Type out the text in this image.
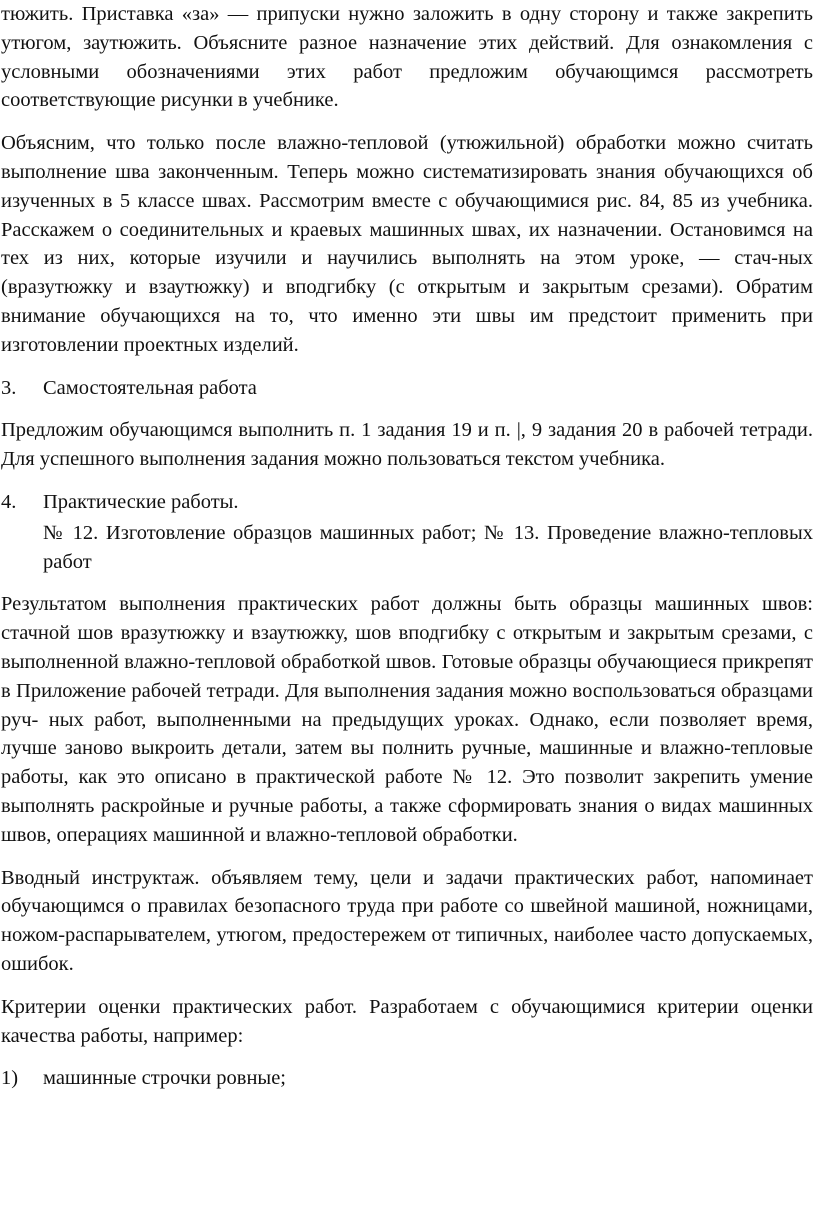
тюжить. Приставка «за» — припуски нужно заложить в одну сторону и также закрепить утюгом, заутюжить. Объясните разное назначение этих действий. Для ознакомления с условными обозначениями этих работ предложим обучающимся рассмотреть соответствующие рисунки в учебнике.

Объясним, что только после влажно-тепловой (утюжильной) обработки можно считать выполнение шва законченным. Теперь можно систематизировать знания обучающихся об изученных в 5 классе швах. Рассмотрим вместе с обучающимися рис. 84, 85 из учебника. Расскажем о соединительных и краевых машинных швах, их назначении. Остановимся на тех из них, которые изучили и научились выполнять на этом уроке, — стач-ных (вразутюжку и взаутюжку) и вподгибку (с открытым и закрытым срезами). Обратим внимание обучающихся на то, что именно эти швы им предстоит применить при изготовлении проектных изделий.

3.	Самостоятельная работа

Предложим обучающимся выполнить п. 1 задания 19 и п. |, 9 задания 20 в рабочей тетради. Для успешного выполнения задания можно пользоваться текстом учебника.

4.	Практические работы.

№ 12. Изготовление образцов машинных работ; № 13. Проведение влажно-тепловых работ

Результатом выполнения практических работ должны быть образцы машинных швов: стачной шов вразутюжку и взаутюжку, шов вподгибку с открытым и закрытым срезами, с выполненной влажно-тепловой обработкой швов. Готовые образцы обучающиеся прикрепят в Приложение рабочей тетради. Для выполнения задания можно воспользоваться образцами руч- ных работ, выполненными на предыдущих уроках. Однако, если позволяет время, лучше заново выкроить детали, затем вы полнить ручные, машинные и влажно-тепловые работы, как это описано в практической работе № 12. Это позволит закрепить умение выполнять раскройные и ручные работы, а также сформировать знания о видах машинных швов, операциях машинной и влажно-тепловой обработки.

Вводный инструктаж. объявляем тему, цели и задачи практических работ, напоминает обучающимся о правилах безопасного труда при работе со швейной машиной, ножницами, ножом-распарывателем, утюгом, предостережем от типичных, наиболее часто допускаемых, ошибок.

Критерии оценки практических работ. Разработаем с обучающимися критерии оценки качества работы, например:

1)	машинные строчки ровные;
